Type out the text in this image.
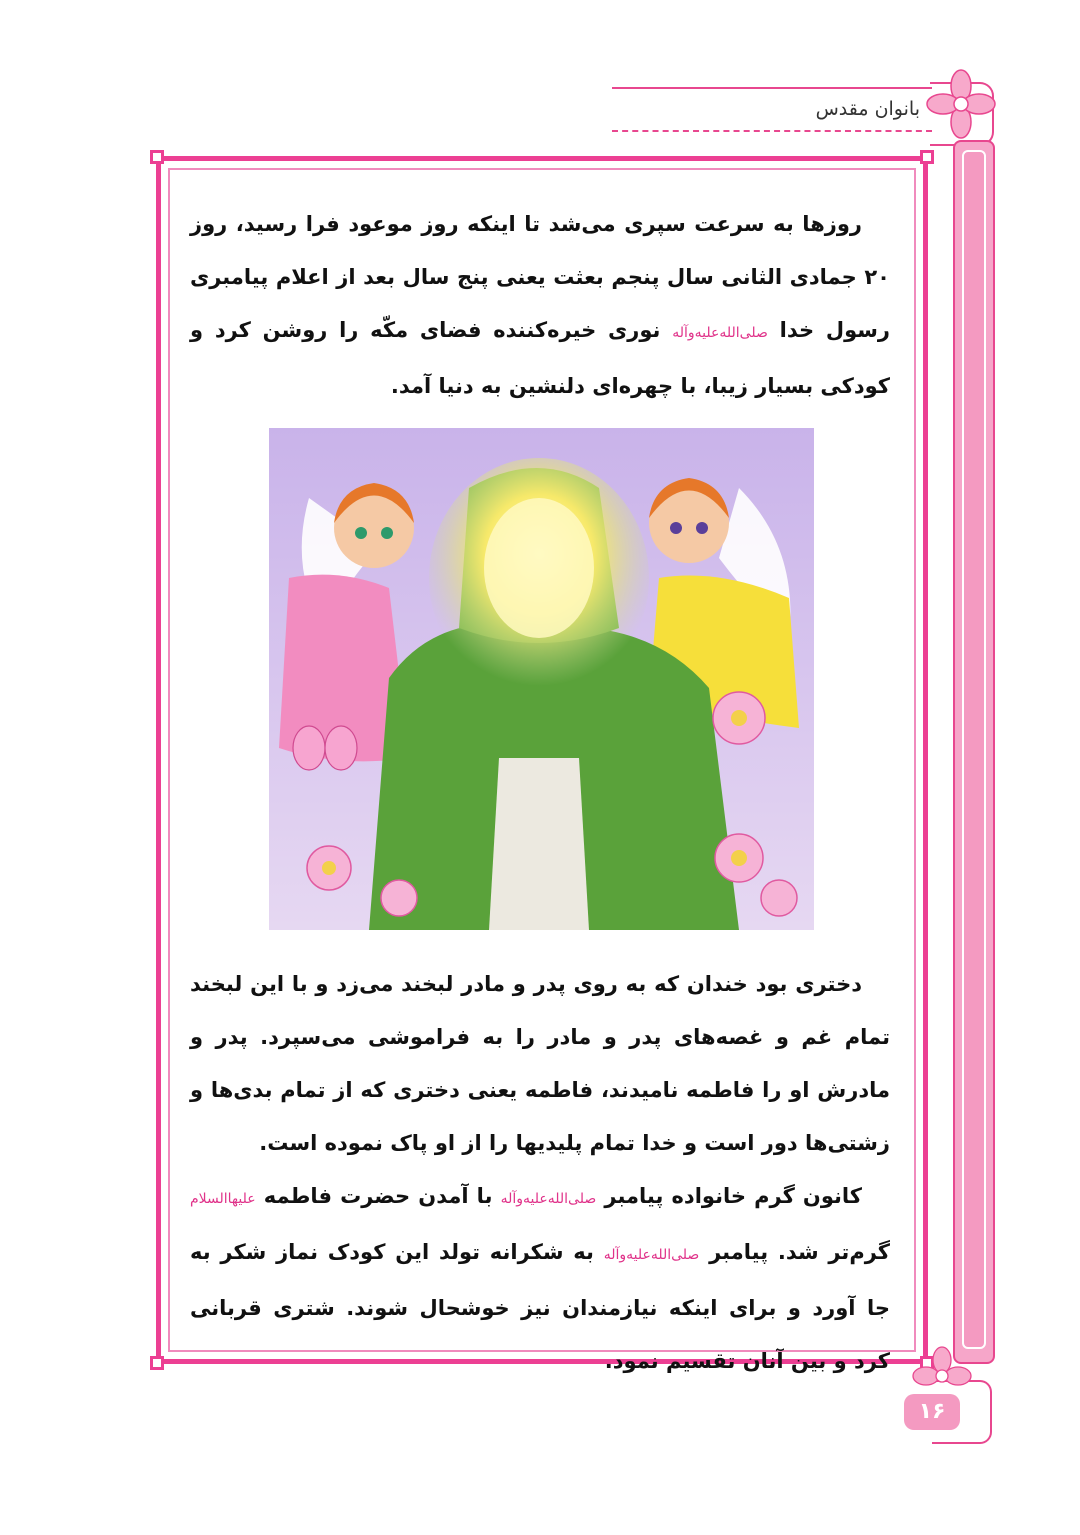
بانوان مقدس
روزها به سرعت سپری می‌شد تا اینکه روز موعود فرا رسید، روز ۲۰ جمادی الثانی سال پنجم بعثت یعنی پنج سال بعد از اعلام پیامبری رسول خدا صلی‌الله‌علیه‌وآله نوری خیره‌کننده فضای مکّه را روشن کرد و کودکی بسیار زیبا، با چهره‌ای دلنشین به دنیا آمد.
دختری بود خندان که به روی پدر و مادر لبخند می‌زد و با این لبخند تمام غم و غصه‌های پدر و مادر را به فراموشی می‌سپرد. پدر و مادرش او را فاطمه نامیدند، فاطمه یعنی دختری که از تمام بدی‌ها و زشتی‌ها دور است و خدا تمام پلیدیها را از او پاک نموده است.
کانون گرم خانواده پیامبر صلی‌الله‌علیه‌وآله با آمدن حضرت فاطمه علیهاالسلام گرم‌تر شد. پیامبر صلی‌الله‌علیه‌وآله به شکرانه تولد این کودک نماز شکر به جا آورد و برای اینکه نیازمندان نیز خوشحال شوند. شتری قربانی کرد و بین آنان تقسیم نمود.
۱۶
